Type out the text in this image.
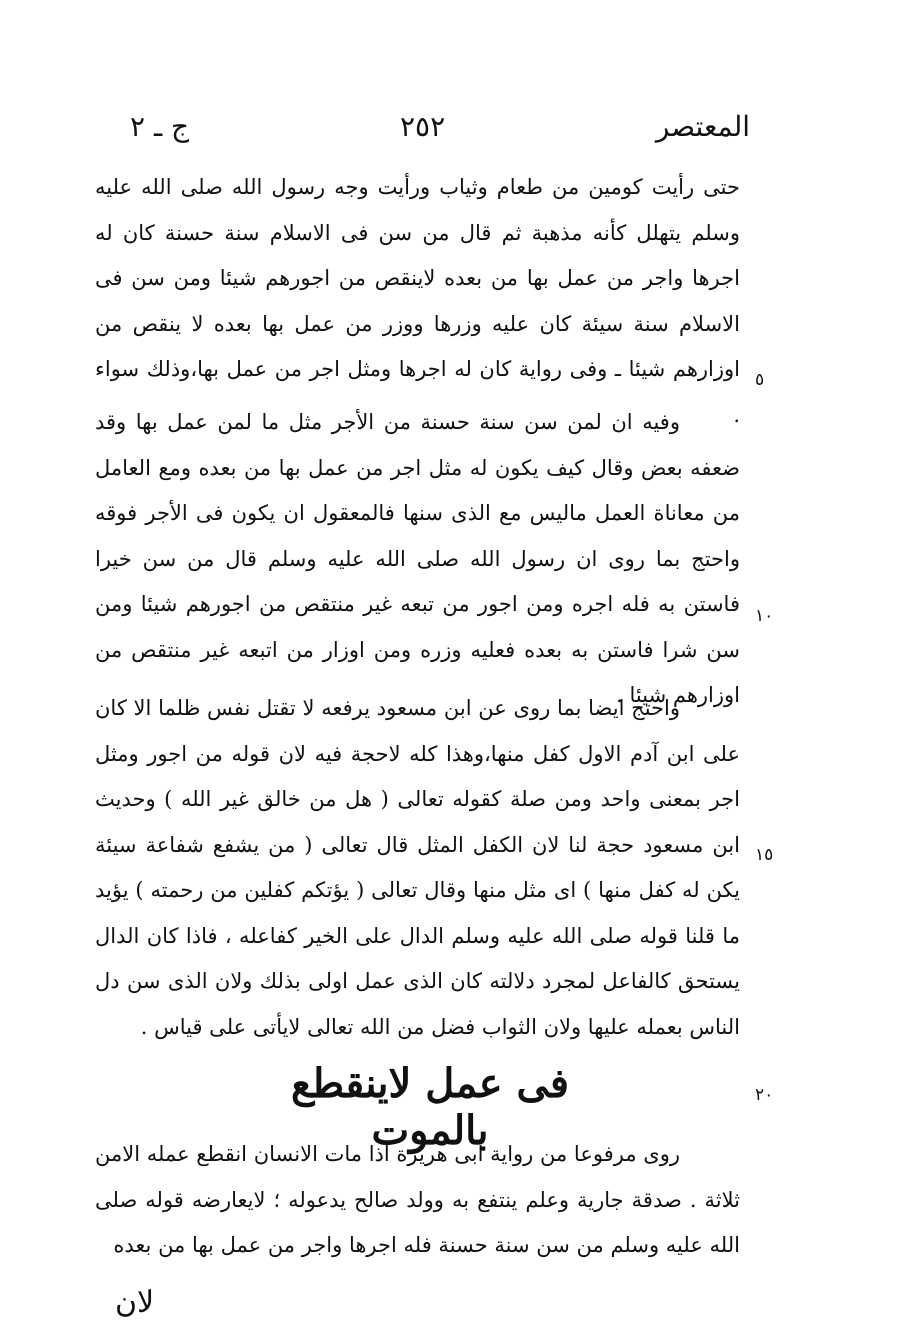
المعتصر
٢٥٢
ج ـ ٢

حتى رأيت كومين من طعام وثياب ورأيت وجه رسول الله صلى الله عليه وسلم يتهلل كأنه مذهبة ثم قال من سن فى الاسلام سنة حسنة كان له اجرها واجر من عمل بها من بعده لاينقص من اجورهم شيئا ومن سن فى الاسلام سنة سيئة كان عليه وزرها ووزر من عمل بها بعده لا ينقص من اوزارهم شيئا ـ وفى رواية كان له اجرها ومثل اجر من عمل بها،وذلك سواء .

وفيه ان لمن سن سنة حسنة من الأجر مثل ما لمن عمل بها وقد ضعفه بعض وقال كيف يكون له مثل اجر من عمل بها من بعده ومع العامل من معاناة العمل ماليس مع الذى سنها فالمعقول ان يكون فى الأجر فوقه واحتج بما روى ان رسول الله صلى الله عليه وسلم قال من سن خيرا فاستن به فله اجره ومن اجور من تبعه غير منتقص من اجورهم شيئا ومن سن شرا فاستن به بعده فعليه وزره ومن اوزار من اتبعه غير منتقص من اوزارهم شيئا .

واحتج ايضا بما روى عن ابن مسعود يرفعه لا تقتل نفس ظلما الا كان على ابن آدم الاول كفل منها،وهذا كله لاحجة فيه لان قوله من اجور ومثل اجر بمعنى واحد ومن صلة كقوله تعالى ( هل من خالق غير الله ) وحديث ابن مسعود حجة لنا لان الكفل المثل قال تعالى ( من يشفع شفاعة سيئة يكن له كفل منها ) اى مثل منها وقال تعالى ( يؤتكم كفلين من رحمته ) يؤيد ما قلنا قوله صلى الله عليه وسلم الدال على الخير كفاعله ، فاذا كان الدال يستحق كالفاعل لمجرد دلالته كان الذى عمل اولى بذلك ولان الذى سن دل الناس بعمله عليها ولان الثواب فضل من الله تعالى لايأتى على قياس .

فى عمل لاينقطع بالموت

روى مرفوعا من رواية ابى هريرة اذا مات الانسان انقطع عمله الامن ثلاثة . صدقة جارية وعلم ينتفع به وولد صالح يدعوله ؛ لايعارضه قوله صلى الله عليه وسلم من سن سنة حسنة فله اجرها واجر من عمل بها من بعده

٥
١٠
١٥
٢٠
لان
